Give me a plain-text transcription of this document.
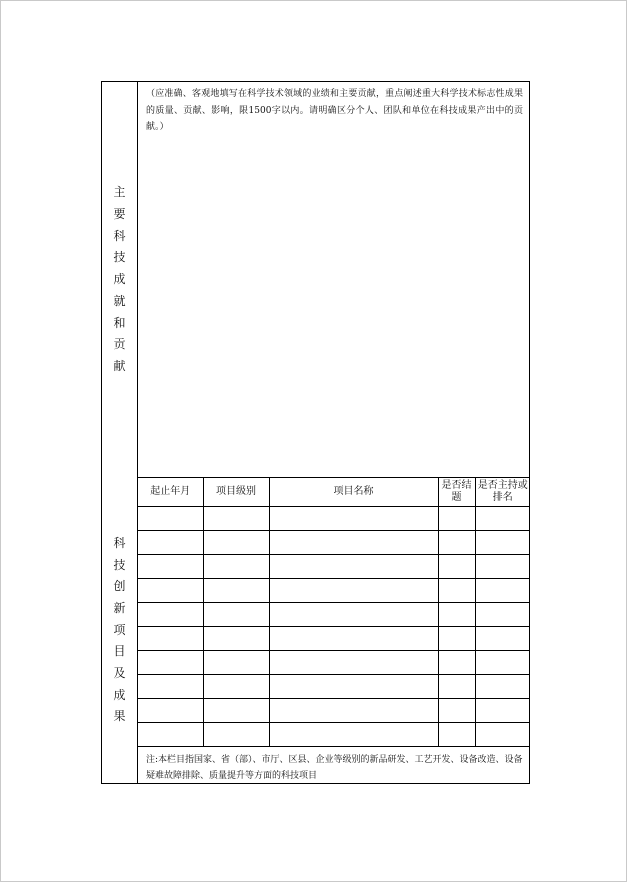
主
要
科
技
成
就
和
贡
献

（应准确、客观地填写在科学技术领域的业绩和主要贡献，重点阐述重大科学技术标志性成果的质量、贡献、影响，限1500字以内。请明确区分个人、团队和单位在科技成果产出中的贡献。）

科
技
创
新
项
目
及
成
果
起止年月	项目级别	项目名称	是否结题	是否主持或排名

注:本栏目指国家、省（部）、市厅、区县、企业等级别的新品研发、工艺开发、设备改造、设备疑难故障排除、质量提升等方面的科技项目
